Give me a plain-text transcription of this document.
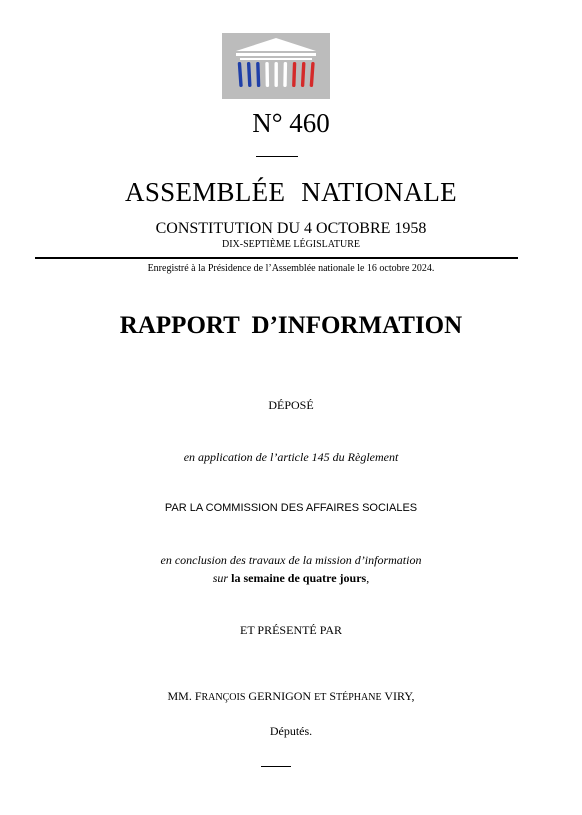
N° 460
ASSEMBLÉE NATIONALE
CONSTITUTION DU 4 OCTOBRE 1958
DIX-SEPTIÈME LÉGISLATURE
Enregistré à la Présidence de l’Assemblée nationale le 16 octobre 2024.
RAPPORT D’INFORMATION
DÉPOSÉ
en application de l’article 145 du Règlement
PAR LA COMMISSION DES AFFAIRES SOCIALES
en conclusion des travaux de la mission d’information
sur la semaine de quatre jours,
ET PRÉSENTÉ PAR
MM. FRANÇOIS GERNIGON ET STÉPHANE VIRY,
Députés.
